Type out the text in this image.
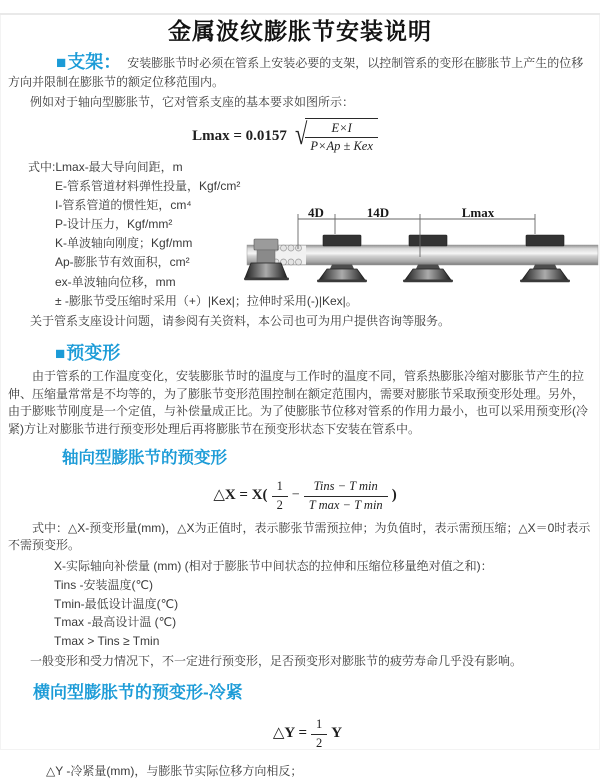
金属波纹膨胀节安装说明

■支架： 安装膨胀节时必须在管系上安装必要的支架，以控制管系的变形在膨胀节上产生的位移方向并限制在膨胀节的额定位移范围内。

例如对于轴向型膨胀节，它对管系支座的基本要求如图所示：

Lmax = 0.0157 √
$\frac{E\times I}{\text{P×Ap ± Kex}}$
式中:Lmax-最大导向间距，m
E-管系管道材料弹性投量，Kgf/cm²
I-管系管道的惯性矩，cm⁴
P-设计压力，Kgf/mm²
K-单波轴向刚度；Kgf/mm
Ap-膨胀节有效面积，cm²
ex-单波轴向位移，mm
± -膨胀节受压缩时采用（+）|Kex|；拉伸时采用(-)|Kex|。

关于管系支座设计问题，请参阅有关资料，本公司也可为用户提供咨询等服务。

■预变形

由于管系的工作温度变化，安装膨胀节时的温度与工作时的温度不同，管系热膨胀冷缩对膨胀节产生的拉伸、压缩量常常是不均等的，为了膨胀节变形范围控制在额定范围内，需要对膨胀节采取预变形处理。另外，由于膨账节刚度是一个定值，与补偿量成正比。为了使膨胀节位移对管系的作用力最小，也可以采用预变形(冷紧)方让对膨胀节进行预变形处理后再将膨胀节在预变形状态下安装在管系中。

轴向型膨胀节的预变形
△X = $X( \frac{1}{2} - \frac{\text{Tins − T min}}{\text{T max − T min}}$ )

式中：△X-预变形量(mm)，△X为正值时，表示膨张节需预拉伸；为负值时，表示需预压缩；△X＝0时表示不需预变形。

X-实际轴向补偿量 (mm) (相对于膨胀节中间状态的拉伸和压缩位移量绝对值之和)：
Tins -安装温度(℃)
Tmin-最低设计温度(℃)
Tmax -最高设计温 (℃)
Tmax > Tins ≥ Tmin

一般变形和受力情况下，不一定进行预变形，足否预变形对膨胀节的疲劳寿命几乎没有影响。

横向型膨胀节的预变形-冷紧
△Y = $\frac{1}{2}$ Y

△Y -冷紧量(mm)，与膨胀节实际位移方向相反；

4D	14D	Lmax
